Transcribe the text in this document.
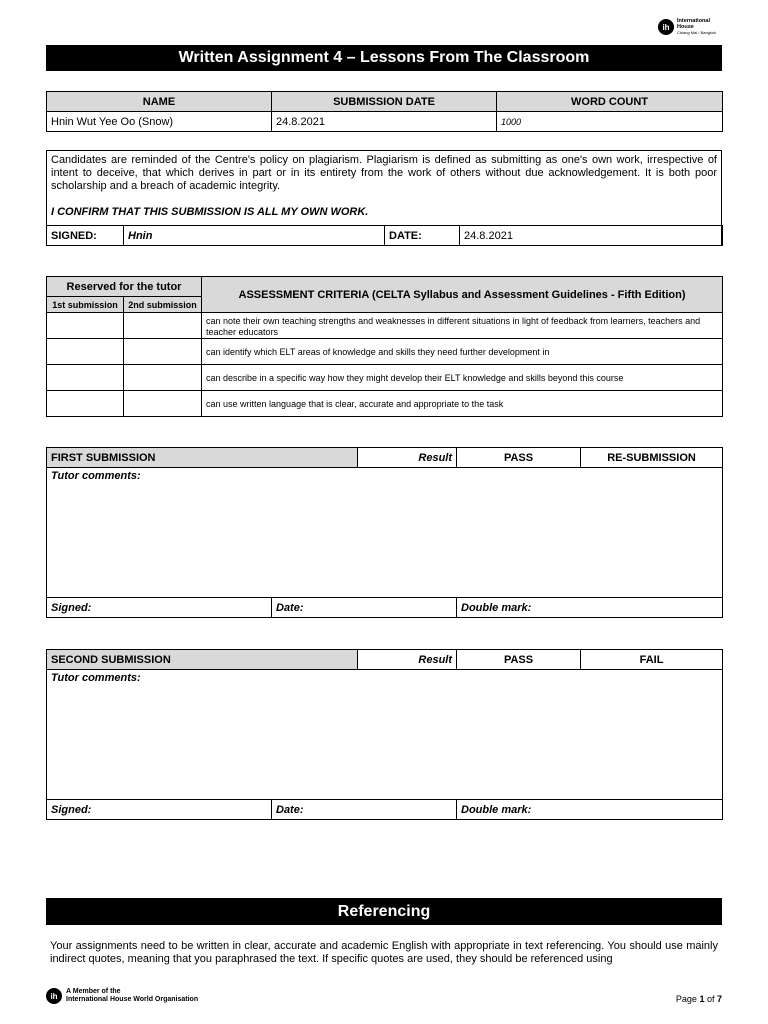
ih
International
House
Chiang Mai / Bangkok
Written Assignment 4 – Lessons From The Classroom
NAME	SUBMISSION DATE	WORD COUNT
Hnin Wut Yee Oo (Snow)	24.8.2021	1000
Candidates are reminded of the Centre's policy on plagiarism. Plagiarism is defined as submitting as one's own work, irrespective of intent to deceive, that which derives in part or in its entirety from the work of others without due acknowledgement. It is both poor scholarship and a breach of academic integrity.
I CONFIRM THAT THIS SUBMISSION IS ALL MY OWN WORK.
SIGNED:	Hnin	DATE:	24.8.2021
Reserved for the tutor		ASSESSMENT CRITERIA (CELTA Syllabus and Assessment Guidelines - Fifth Edition)
1st submission	2nd submission	

		can note their own teaching strengths and weaknesses in different situations in light of feedback from learners, teachers and teacher educators

		can identify which ELT areas of knowledge and skills they need further development in
		can describe in a specific way how they might develop their ELT knowledge and skills beyond this course
		can use written language that is clear, accurate and appropriate to the task
FIRST SUBMISSION		Result	PASS	RE-SUBMISSION
Tutor comments:				
Signed:	Date:		Double mark:	
SECOND SUBMISSION		Result	PASS	FAIL
Tutor comments:				
Signed:	Date:		Double mark:	
Referencing
Your assignments need to be written in clear, accurate and academic English with appropriate in text referencing. You should use mainly indirect quotes, meaning that you paraphrased the text. If specific quotes are used, they should be referenced using
ih	A Member of the
International House World Organisation	Page 1 of 7
